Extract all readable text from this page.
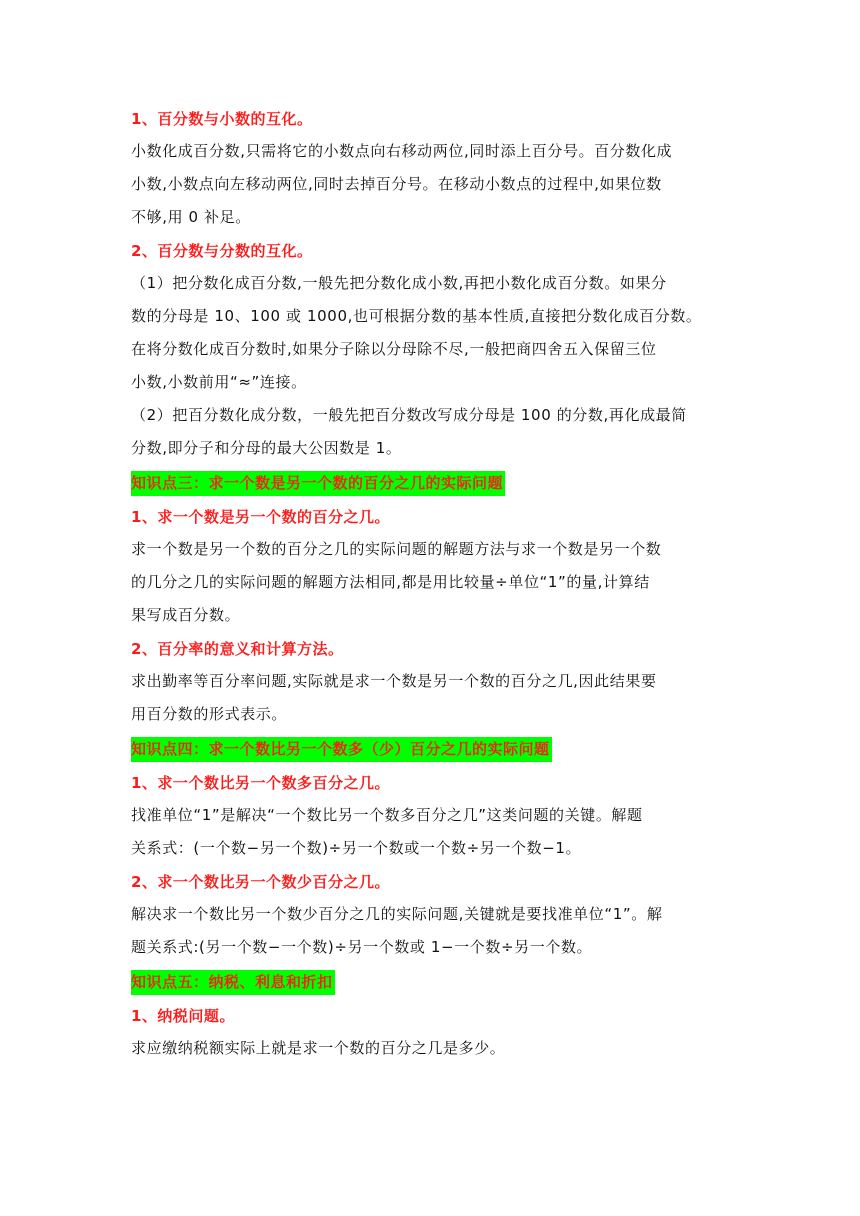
1、百分数与小数的互化。
小数化成百分数,只需将它的小数点向右移动两位,同时添上百分号。百分数化成
小数,小数点向左移动两位,同时去掉百分号。在移动小数点的过程中,如果位数
不够,用 0 补足。
2、百分数与分数的互化。
（1）把分数化成百分数,一般先把分数化成小数,再把小数化成百分数。如果分
数的分母是 10、100 或 1000,也可根据分数的基本性质,直接把分数化成百分数。
在将分数化成百分数时,如果分子除以分母除不尽,一般把商四舍五入保留三位
小数,小数前用“≈”连接。
（2）把百分数化成分数，一般先把百分数改写成分母是 100 的分数,再化成最简
分数,即分子和分母的最大公因数是 1。
知识点三：求一个数是另一个数的百分之几的实际问题
1、求一个数是另一个数的百分之几。
求一个数是另一个数的百分之几的实际问题的解题方法与求一个数是另一个数
的几分之几的实际问题的解题方法相同,都是用比较量÷单位“1”的量,计算结
果写成百分数。
2、百分率的意义和计算方法。
求出勤率等百分率问题,实际就是求一个数是另一个数的百分之几,因此结果要
用百分数的形式表示。
知识点四：求一个数比另一个数多（少）百分之几的实际问题
1、求一个数比另一个数多百分之几。
找准单位“1”是解决“一个数比另一个数多百分之几”这类问题的关键。解题
关系式：(一个数−另一个数)÷另一个数或一个数÷另一个数−1。
2、求一个数比另一个数少百分之几。
解决求一个数比另一个数少百分之几的实际问题,关键就是要找准单位“1”。解
题关系式:(另一个数−一个数)÷另一个数或 1−一个数÷另一个数。
知识点五：纳税、利息和折扣
1、纳税问题。
求应缴纳税额实际上就是求一个数的百分之几是多少。
